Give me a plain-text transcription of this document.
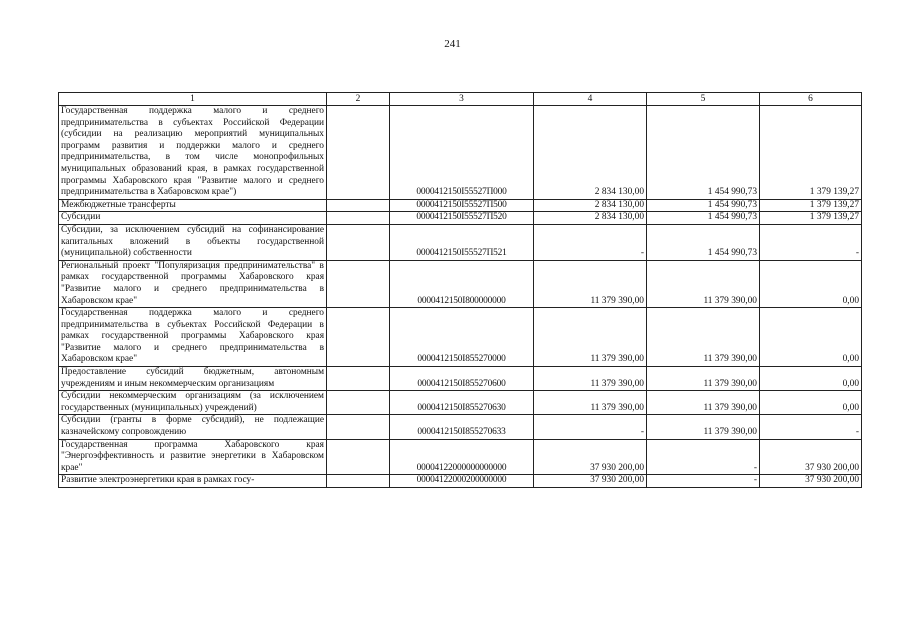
241
1	2	3	4	5	6
Государственная поддержка малого и среднего предпринимательства в субъектах Российской Федерации (субсидии на реализацию мероприятий муниципальных программ развития и поддержки малого и среднего предпринимательства, в том числе монопрофильных муниципальных образований края, в рамках государственной программы Хабаровского края "Развитие малого и среднего предпринимательства в Хабаровском крае")		0000412150I55527П000	2 834 130,00	1 454 990,73	1 379 139,27
Межбюджетные трансферты		0000412150I55527П500	2 834 130,00	1 454 990,73	1 379 139,27
Субсидии		0000412150I55527П520	2 834 130,00	1 454 990,73	1 379 139,27
Субсидии, за исключением субсидий на софинансирование капитальных вложений в объекты государственной (муниципальной) собственности		0000412150I55527П521	-	1 454 990,73	-
Региональный проект "Популяризация предпринимательства" в рамках государственной программы Хабаровского края "Развитие малого и среднего предпринимательства в Хабаровском крае"		0000412150I800000000	11 379 390,00	11 379 390,00	0,00
Государственная поддержка малого и среднего предпринимательства в субъектах Российской Федерации в рамках государственной программы Хабаровского края "Развитие малого и среднего предпринимательства в Хабаровском крае"		0000412150I855270000	11 379 390,00	11 379 390,00	0,00
Предоставление субсидий бюджетным, автономным учреждениям и иным некоммерческим организациям		0000412150I855270600	11 379 390,00	11 379 390,00	0,00
Субсидии некоммерческим организациям (за исключением государственных (муниципальных) учреждений)		0000412150I855270630	11 379 390,00	11 379 390,00	0,00
Субсидии (гранты в форме субсидий), не подлежащие казначейскому сопровождению		0000412150I855270633	-	11 379 390,00	-
Государственная программа Хабаровского края "Энергоэффективность и развитие энергетики в Хабаровском крае"		00004122000000000000	37 930 200,00	-	37 930 200,00
Развитие электроэнергетики края в рамках госу-		00004122000200000000	37 930 200,00	-	37 930 200,00
